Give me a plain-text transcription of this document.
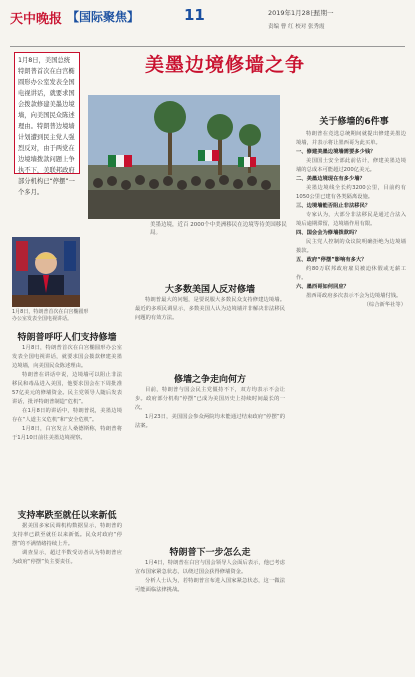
天中晚报 【国际聚焦】	11	2019年1月28日
星期一
责编 曹 红 校对 张秀霞
美墨边境修墙之争
1月8日，美国总统特朗普首次在白宫椭圆形办公室发表全国电视讲话，就要求国会拨款修建美墨边境墙，向美国民众陈述理由。特朗普边境墙计划遭到民主党人强烈反对，由于两党在边境墙拨款问题上争执不下，美联邦政府部分机构已“停摆”一个多月。
美墨边境，近百 2000个中美洲移民在边境等待美国移民局。
1月8日，特朗普首次在白宫椭圆形办公室发表全国电视讲话。
特朗普呼吁人们支持修墙

1月8日，特朗普首次在白宫椭圆形办公室发表全国电视讲话，就要求国会拨款修建美墨边境墙，向美国民众陈述理由。

特朗普在讲话中说，边境墙可以阻止非法移民和毒品进入美国，他要求国会在下周批准57亿美元的修墙资金。民主党领导人随后发表讲话，批评特朗普制造“危机”。

在1月8日的讲话中，特朗普说，美墨边境存在“人道主义危机”和“安全危机”。

1月8日，白宫发言人桑德斯称，特朗普将于1月10日前往美墨边境视察。

支持率跌至就任以来新低

据美国多家民调机构数据显示，特朗普的支持率已跌至就任以来新低。民众对政府“停摆”的不满情绪持续上升。

调查显示，超过半数受访者认为特朗普应为政府“停摆”负主要责任。

大多数美国人反对修墙

特朗普最大的问题，是要说服大多数民众支持修建边境墙。最近的多项民调显示，多数美国人认为边境墙并非解决非法移民问题的有效方法。

修墙之争走向何方

目前，特朗普与国会民主党僵持不下，双方均表示不会让步。政府部分机构“停摆”已成为美国历史上持续时间最长的一次。

1月23日，美国国会参众两院均未能通过结束政府“停摆”的法案。

特朗普下一步怎么走

1月4日，特朗普在白宫与国会领导人会面后表示，他已考虑宣布国家紧急状态，以绕过国会获得修墙资金。

分析人士认为，若特朗普宣布进入国家紧急状态，这一做法可能面临法律挑战。

关于修墙的6件事

特朗普在竞选总统期间就提出修建美墨边境墙，并表示将让墨西哥为此买单。

一、修建美墨边境墙需要多少钱？

美国国土安全部此前估计，修建美墨边境墙的总成本可能超过200亿美元。

二、美墨边境现在有多少墙？

美墨边境线全长约3200公里，目前约有1050公里已建有各类隔离设施。

三、边境墙能否阻止非法移民？

专家认为，大部分非法移民是通过合法入境后逾期滞留，边境墙作用有限。

四、国会会为修墙拨款吗？

民主党人控制的众议院明确拒绝为边境墙拨款。

五、政府“停摆”影响有多大？

约80万联邦政府雇员被迫休假或无薪工作。

六、墨西哥如何回应？

墨西哥政府多次表示不会为边境墙付钱。

（综合新华社等）
